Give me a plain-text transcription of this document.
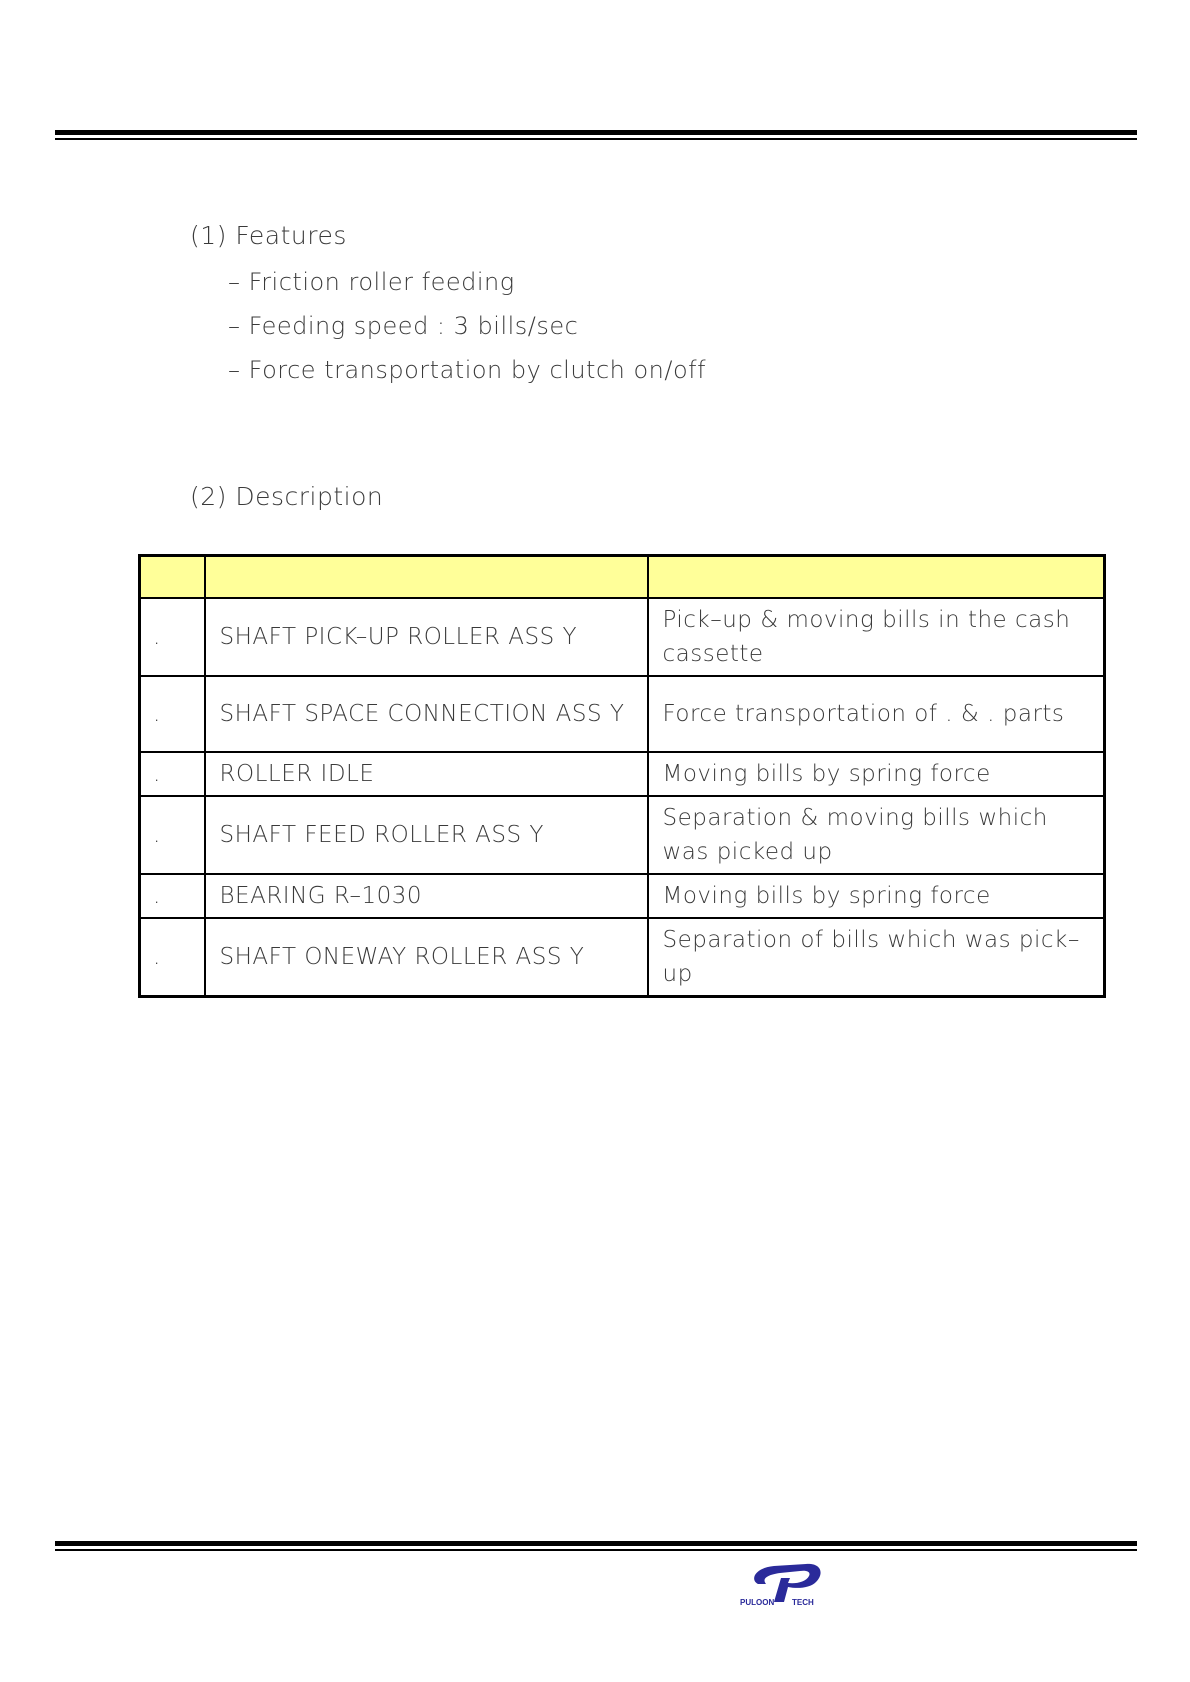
(1) Features
– Friction roller feeding
– Feeding speed : 3 bills/sec
– Force transportation by clutch on/off
(2) Description

.	SHAFT PICK–UP ROLLER ASS Y	Pick–up & moving bills in the cash cassette
.	SHAFT SPACE CONNECTION ASS Y	Force transportation of . & . parts
.	ROLLER IDLE	Moving bills by spring force
.	SHAFT FEED ROLLER ASS Y	Separation & moving bills which was picked up
.	BEARING R–1030	Moving bills by spring force
.	SHAFT ONEWAY ROLLER ASS Y	Separation of bills which was pick–up
PULOON TECH
